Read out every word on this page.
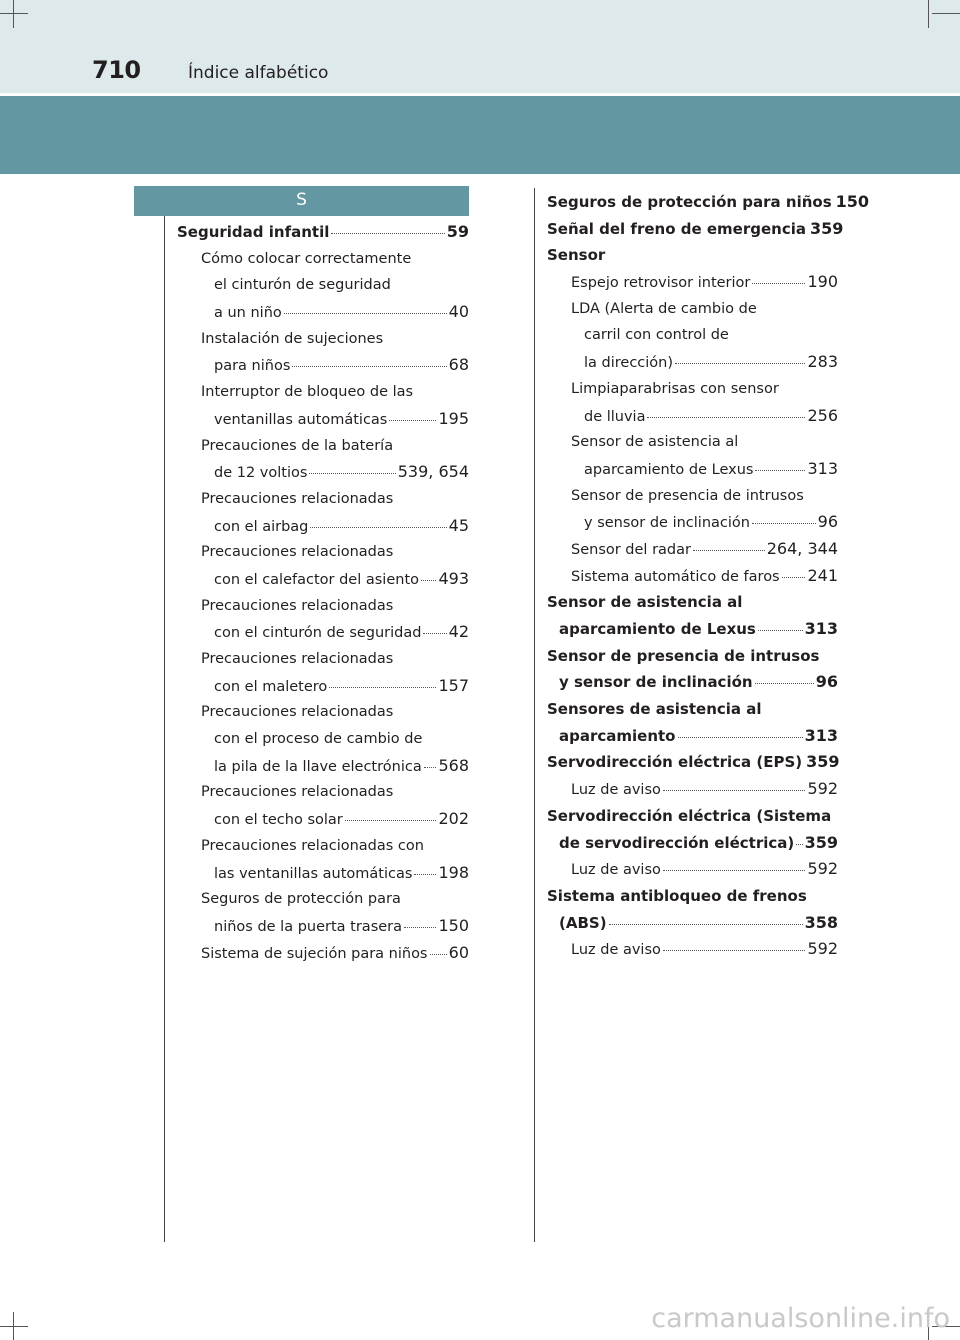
710	Índice alfabético
S
Seguridad infantil	59
Cómo colocar correctamente
el cinturón de seguridad
a un niño	40
Instalación de sujeciones
para niños	68
Interruptor de bloqueo de las
ventanillas automáticas	195
Precauciones de la batería
de 12 voltios	539, 654
Precauciones relacionadas
con el airbag	45
Precauciones relacionadas
con el calefactor del asiento 493
Precauciones relacionadas
con el cinturón de seguridad 42
Precauciones relacionadas
con el maletero	157
Precauciones relacionadas
con el proceso de cambio de
la pila de la llave electrónica 568
Precauciones relacionadas
con el techo solar	202
Precauciones relacionadas con
las ventanillas automáticas 198
Seguros de protección para
niños de la puerta trasera 150
Sistema de sujeción para niños 60
Seguros de protección para niños 150
Señal del freno de emergencia 359
Sensor
Espejo retrovisor interior	190
LDA (Alerta de cambio de
carril con control de
la dirección)	283
Limpiaparabrisas con sensor
de lluvia	256
Sensor de asistencia al
aparcamiento de Lexus	313
Sensor de presencia de intrusos
y sensor de inclinación	96
Sensor del radar	264, 344
Sistema automático de faros 241
Sensor de asistencia al
aparcamiento de Lexus	313
Sensor de presencia de intrusos
y sensor de inclinación	96
Sensores de asistencia al
aparcamiento	313
Servodirección eléctrica (EPS) 359
Luz de aviso	592
Servodirección eléctrica (Sistema
de servodirección eléctrica) 359
Luz de aviso	592
Sistema antibloqueo de frenos
(ABS)	358
Luz de aviso	592
carmanualsonline.info
